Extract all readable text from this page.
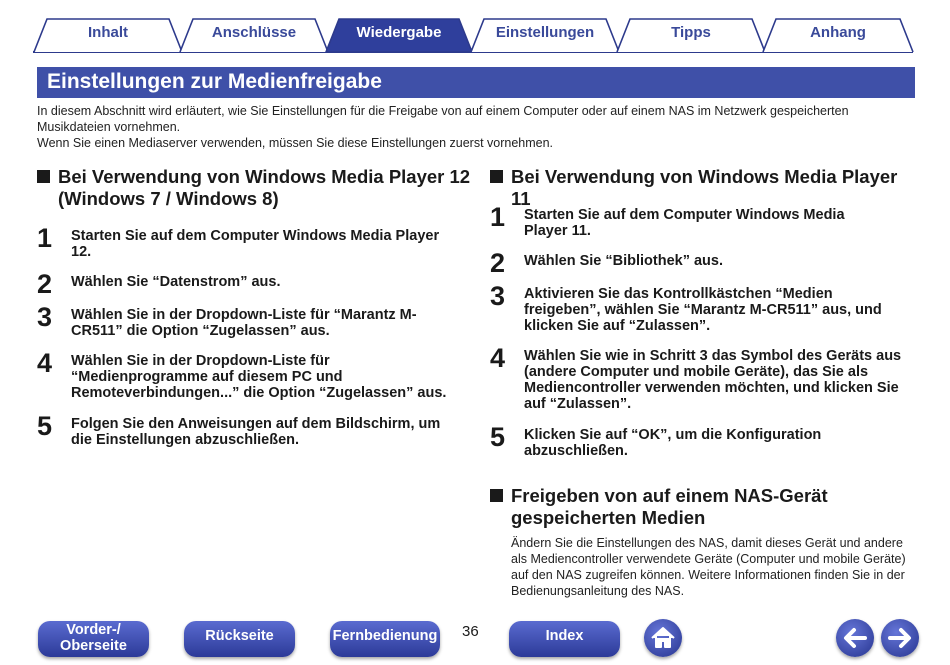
Inhalt	Anschlüsse	Wiedergabe	Einstellungen	Tipps	Anhang
Einstellungen zur Medienfreigabe

In diesem Abschnitt wird erläutert, wie Sie Einstellungen für die Freigabe von auf einem Computer oder auf einem NAS im Netzwerk gespeicherten Musikdateien vornehmen.

Wenn Sie einen Mediaserver verwenden, müssen Sie diese Einstellungen zuerst vornehmen.

Bei Verwendung von Windows Media Player 12 (Windows 7 / Windows 8)
1 Starten Sie auf dem Computer Windows Media Player 12.
2 Wählen Sie “Datenstrom” aus.
3 Wählen Sie in der Dropdown-Liste für “Marantz M-CR511” die Option “Zugelassen” aus.
4 Wählen Sie in der Dropdown-Liste für “Medienprogramme auf diesem PC und Remoteverbindungen...” die Option “Zugelassen” aus.
5 Folgen Sie den Anweisungen auf dem Bildschirm, um die Einstellungen abzuschließen.
Bei Verwendung von Windows Media Player 11
1 Starten Sie auf dem Computer Windows Media Player 11.
2 Wählen Sie “Bibliothek” aus.
3 Aktivieren Sie das Kontrollkästchen “Medien freigeben”, wählen Sie “Marantz M-CR511” aus, und klicken Sie auf “Zulassen”.
4 Wählen Sie wie in Schritt 3 das Symbol des Geräts aus (andere Computer und mobile Geräte), das Sie als Mediencontroller verwenden möchten, und klicken Sie auf “Zulassen”.
5 Klicken Sie auf “OK”, um die Konfiguration abzuschließen.
Freigeben von auf einem NAS-Gerät gespeicherten Medien

Ändern Sie die Einstellungen des NAS, damit dieses Gerät und andere als Mediencontroller verwendete Geräte (Computer und mobile Geräte) auf den NAS zugreifen können. Weitere Informationen finden Sie in der Bedienungsanleitung des NAS.

Vorder-/
Oberseite
Rückseite	Fernbedienung 36	Index
